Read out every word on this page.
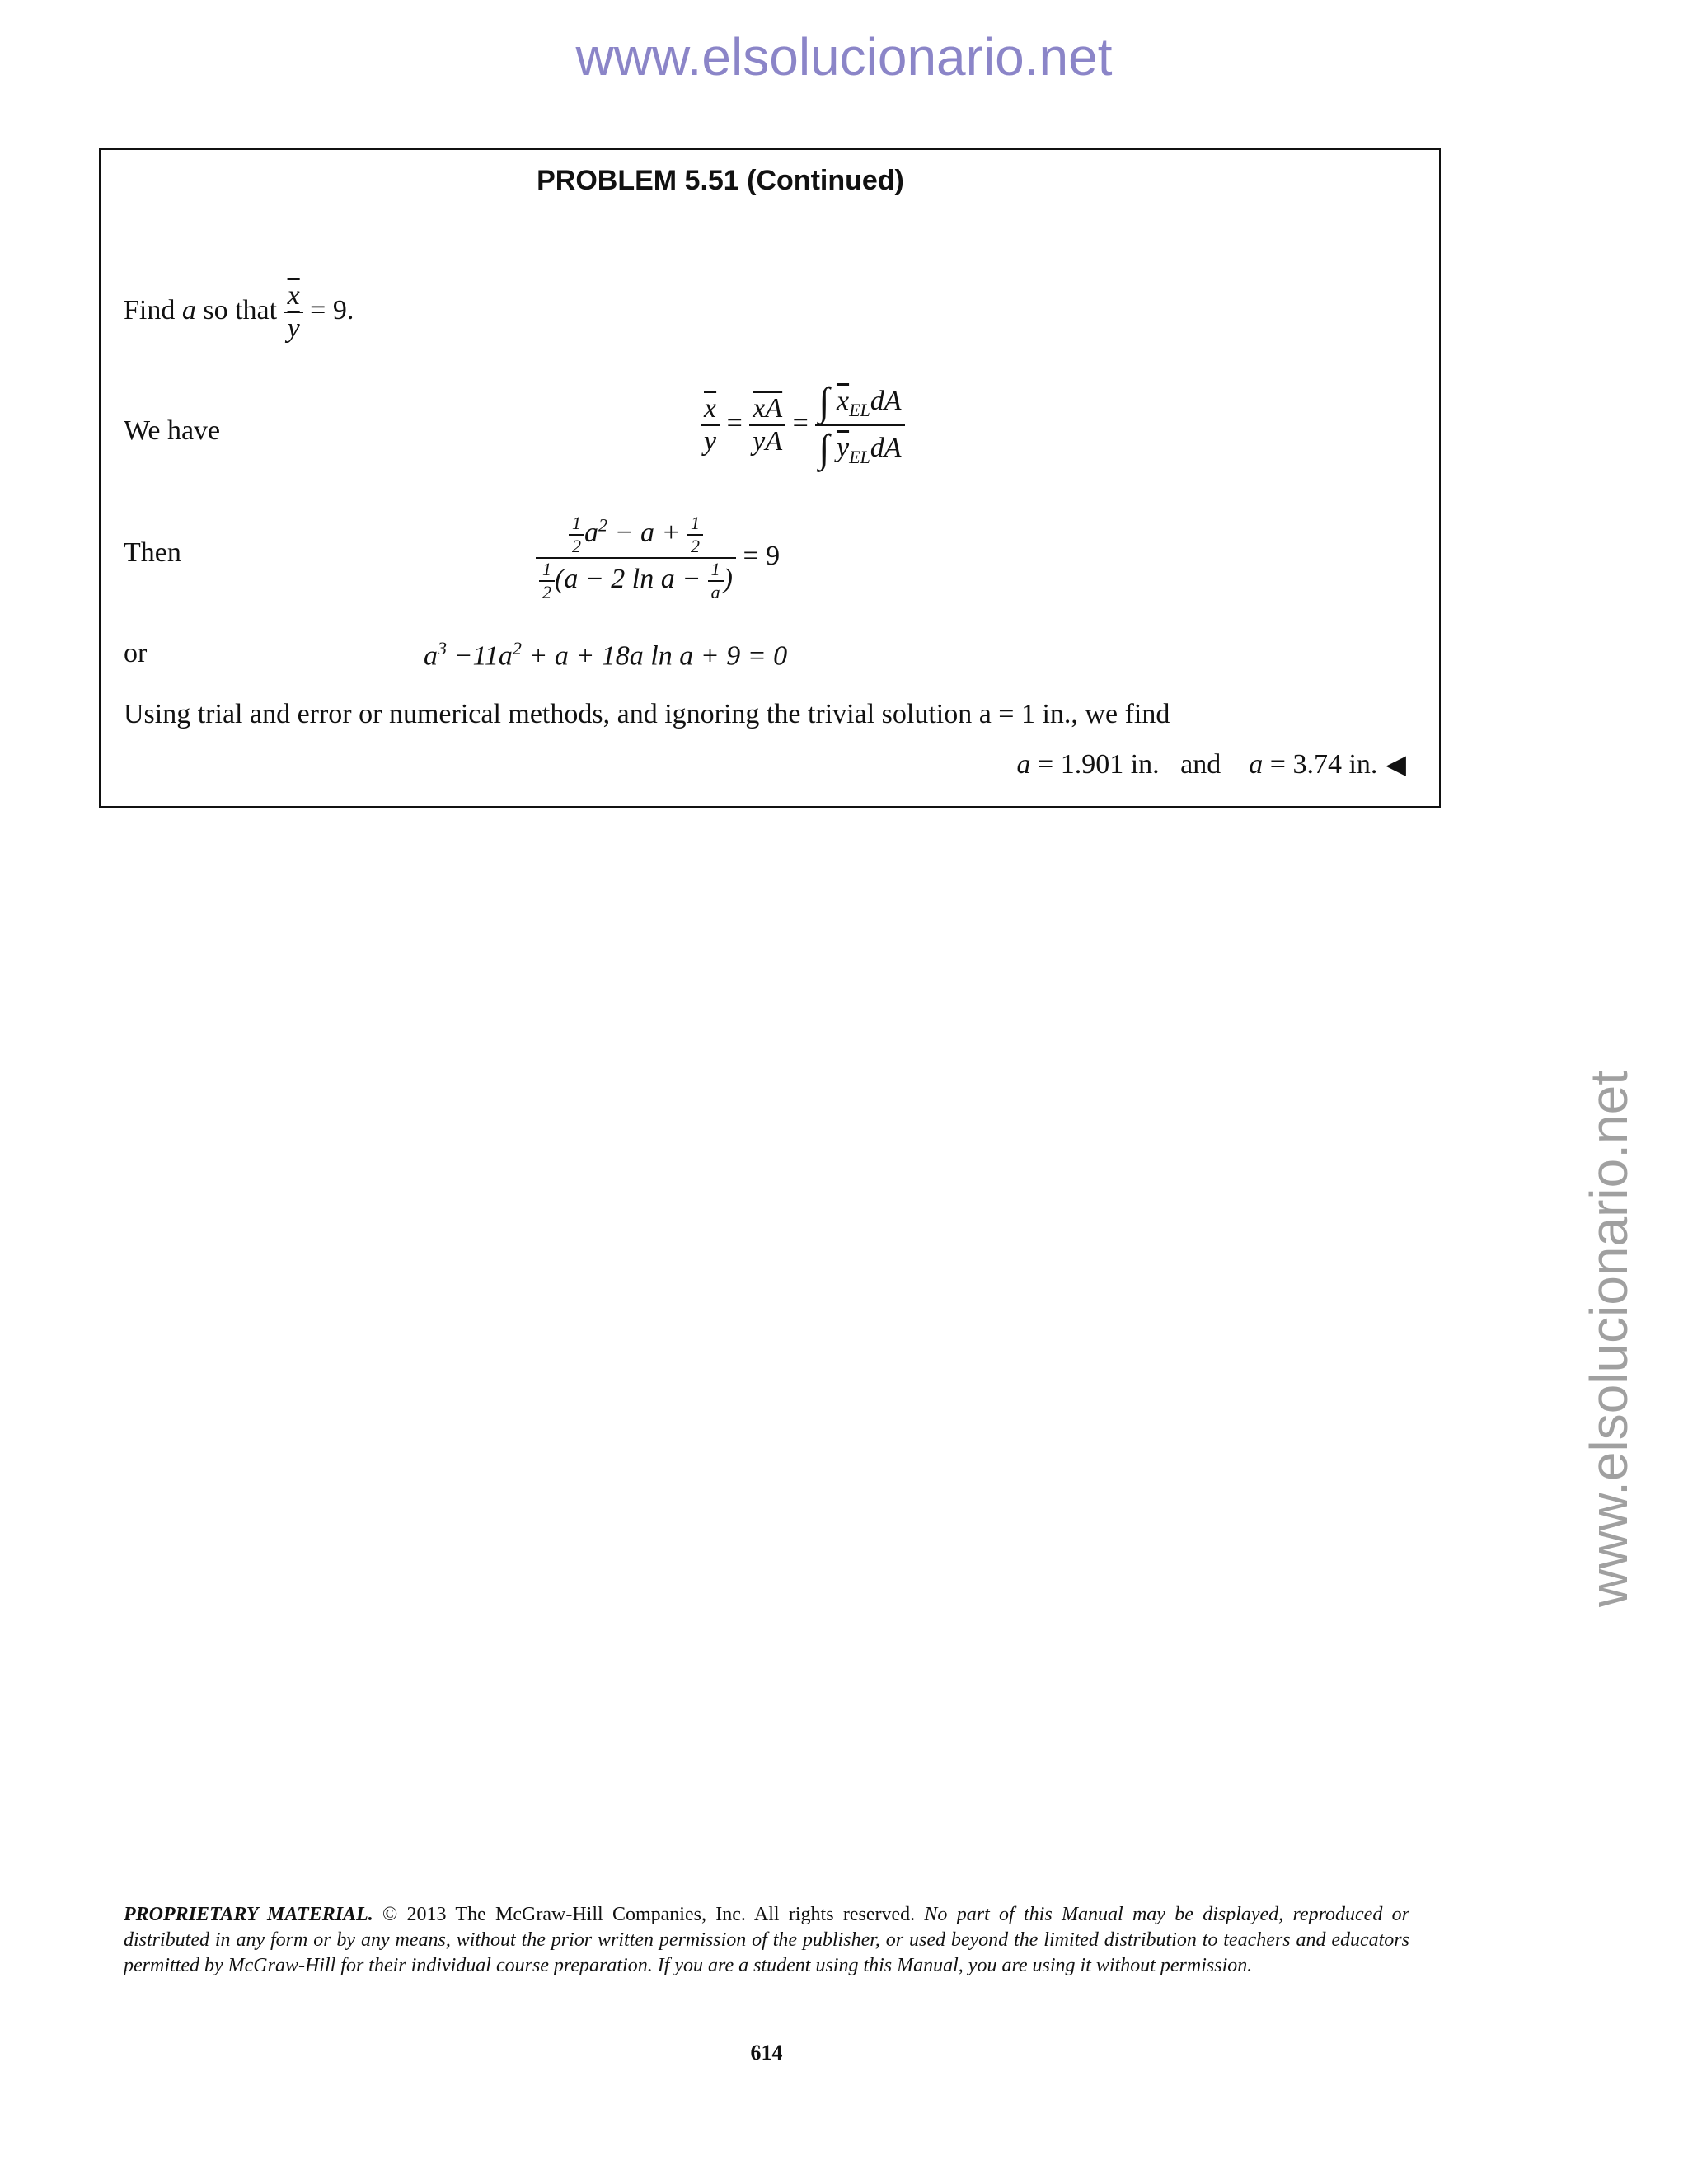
www.elsolucionario.net
www.elsolucionario.net
PROBLEM 5.51 (Continued)
Find a so that $\frac{\overline{x}}{y} = 9$.
We have	$\frac{\overline{x}}{y} = \frac{\overline{xA}}{yA} = \frac{\int \overline{x}_{EL}dA}{\int \overline{y}_{EL}dA}$
Then	$\frac{\frac{1}{2} a^2 - a + \frac{1}{2}}{\frac{1}{2} (a - 2 \ln a - \frac{1}{a} )} = 9$
or	$a^3 -11a^2 + a + 18a$ ln a + 9 = 0
Using trial and error or numerical methods, and ignoring the trivial solution a = 1 in., we find
a = 1.901 in. and a = 3.74 in. ◀
PROPRIETARY MATERIAL. © 2013 The McGraw-Hill Companies, Inc. All rights reserved. No part of this Manual may be displayed, reproduced or distributed in any form or by any means, without the prior written permission of the publisher, or used beyond the limited distribution to teachers and educators permitted by McGraw-Hill for their individual course preparation. If you are a student using this Manual, you are using it without permission.
614
